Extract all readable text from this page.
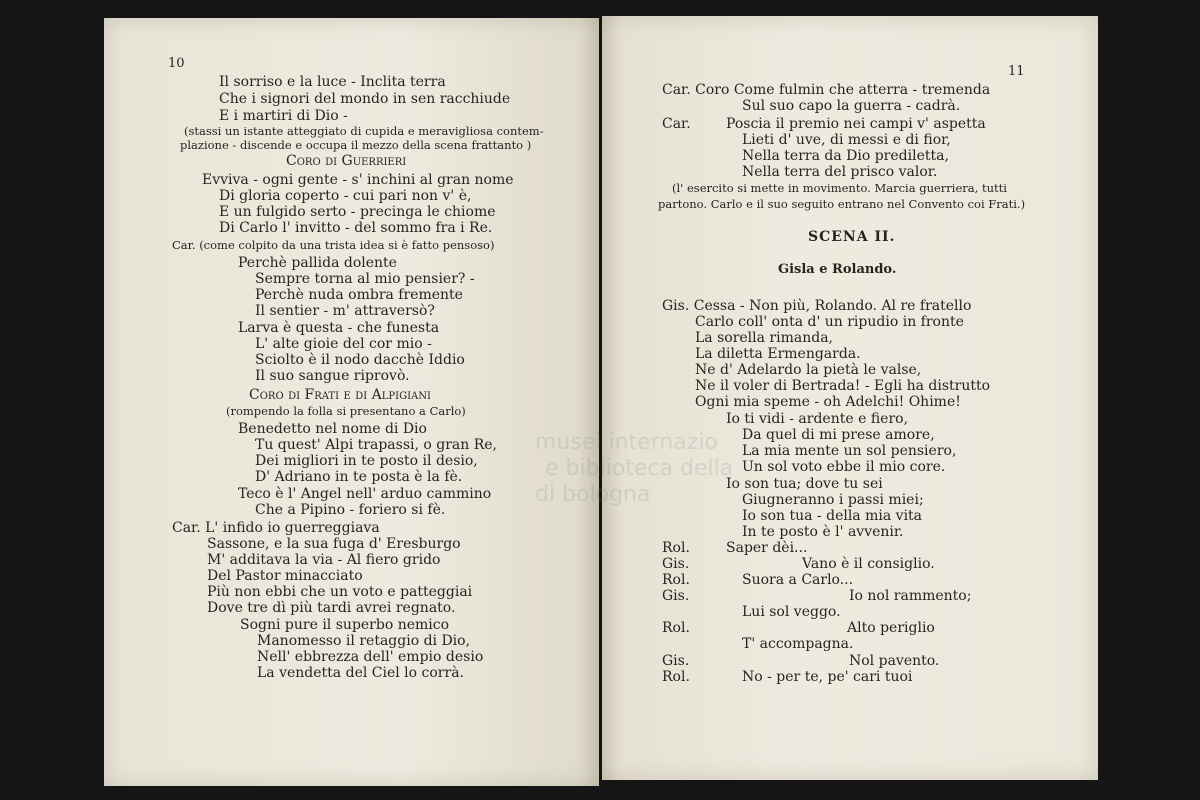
10
Il sorriso e la luce - Inclita terra
Che i signori del mondo in sen racchiude
E i martiri di Dio -
(stassi un istante atteggiato di cupida e meravigliosa contem-
plazione - discende e occupa il mezzo della scena frattanto )
Coro di Guerrieri
Evviva - ogni gente - s' inchini al gran nome
Di gloria coperto - cui pari non v' è,
E un fulgido serto - precinga le chiome
Di Carlo l' invitto - del sommo fra i Re.
Car. (come colpito da una trista idea si è fatto pensoso)
Perchè pallida dolente
Sempre torna al mio pensier? -
Perchè nuda ombra fremente
Il sentier - m' attraversò?
Larva è questa - che funesta
L' alte gioie del cor mio -
Sciolto è il nodo dacchè Iddio
Il suo sangue riprovò.
Coro di Frati e di Alpigiani
(rompendo la folla si presentano a Carlo)
Benedetto nel nome di Dio
Tu quest' Alpi trapassi, o gran Re,
Dei migliori in te posto il desio,
D' Adriano in te posta è la fè.
Teco è l' Angel nell' arduo cammino
Che a Pipino - foriero si fè.
Car. L' infido io guerreggiava
Sassone, e la sua fuga d' Eresburgo
M' additava la via - Al fiero grido
Del Pastor minacciato
Più non ebbi che un voto e patteggiai
Dove tre dì più tardi avrei regnato.
Sogni pure il superbo nemico
Manomesso il retaggio di Dio,
Nell' ebbrezza dell' empio desio
La vendetta del Ciel lo corrà.
11
Car. Coro Come fulmin che atterra - tremenda
Sul suo capo la guerra - cadrà.
Car.	Poscia il premio nei campi v' aspetta
Lieti d' uve, di messi e di fior,
Nella terra da Dio prediletta,
Nella terra del prisco valor.
(l' esercito si mette in movimento. Marcia guerriera, tutti
partono. Carlo e il suo seguito entrano nel Convento coi Frati.)
SCENA II.
Gisla e Rolando.
Gis. Cessa - Non più, Rolando. Al re fratello
Carlo coll' onta d' un ripudio in fronte
La sorella rimanda,
La diletta Ermengarda.
Ne d' Adelardo la pietà le valse,
Ne il voler di Bertrada! - Egli ha distrutto
Ogni mia speme - oh Adelchi! Ohime!
Io ti vidi - ardente e fiero,
Da quel di mi prese amore,
La mia mente un sol pensiero,
Un sol voto ebbe il mio core.
Io son tua; dove tu sei
Giugneranno i passi miei;
Io son tua - della mia vita
In te posto è l' avvenir.
Rol.	Saper dèi...
Gis.	Vano è il consiglio.
Rol.	Suora a Carlo...
Gis.	Io nol rammento;
Lui sol veggo.
Rol.	Alto periglio
T' accompagna.
Gis.	Nol pavento.
Rol.	No - per te, pe' cari tuoi
musei internazio
e biblioteca della
di bologna
